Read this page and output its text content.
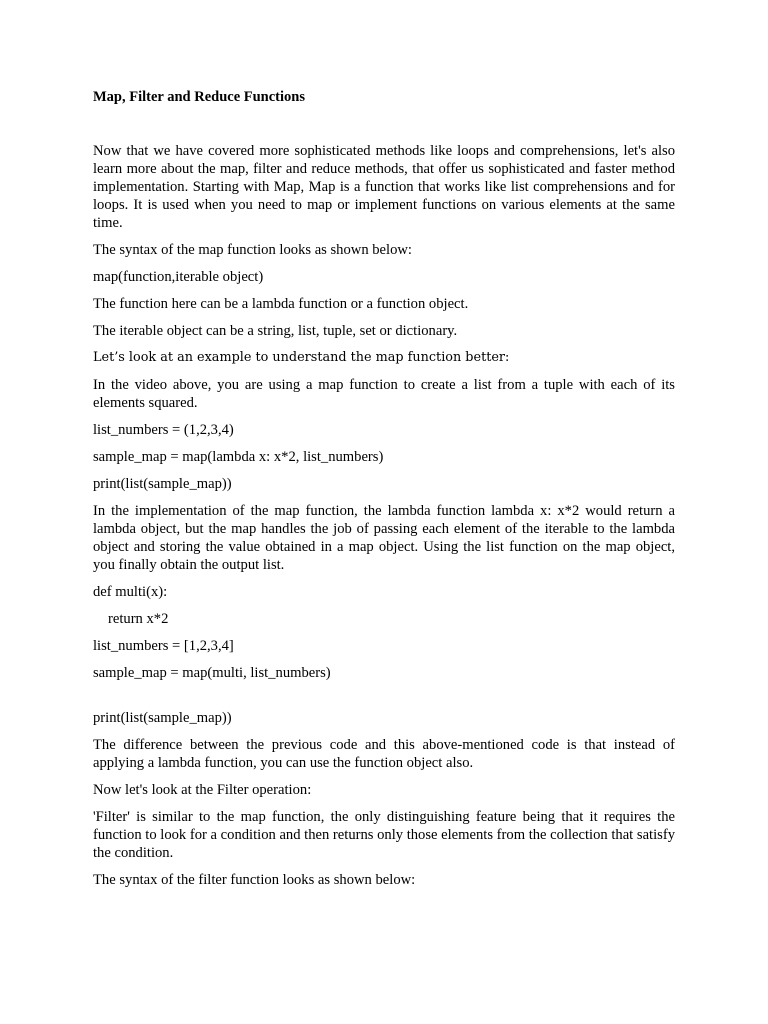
Map, Filter and Reduce Functions

Now that we have covered more sophisticated methods like loops and comprehensions, let's also learn more about the map, filter and reduce methods, that offer us sophisticated and faster method implementation. Starting with Map, Map is a function that works like list comprehensions and for loops. It is used when you need to map or implement functions on various elements at the same time.

The syntax of the map function looks as shown below:

map(function,iterable object)

The function here can be a lambda function or a function object.

The iterable object can be a string, list, tuple, set or dictionary.

Let’s look at an example to understand the map function better:

In the video above, you are using a map function to create a list from a tuple with each of its elements squared.

list_numbers = (1,2,3,4)

sample_map = map(lambda x: x*2, list_numbers)

print(list(sample_map))

In the implementation of the map function, the lambda function lambda x: x*2 would return a lambda object, but the map handles the job of passing each element of the iterable to the lambda object and storing the value obtained in a map object. Using the list function on the map object, you finally obtain the output list.

def multi(x):

return x*2

list_numbers = [1,2,3,4]

sample_map = map(multi, list_numbers)

print(list(sample_map))

The difference between the previous code and this above-mentioned code is that instead of applying a lambda function, you can use the function object also.

Now let's look at the Filter operation:

'Filter' is similar to the map function, the only distinguishing feature being that it requires the function to look for a condition and then returns only those elements from the collection that satisfy the condition.

The syntax of the filter function looks as shown below:
